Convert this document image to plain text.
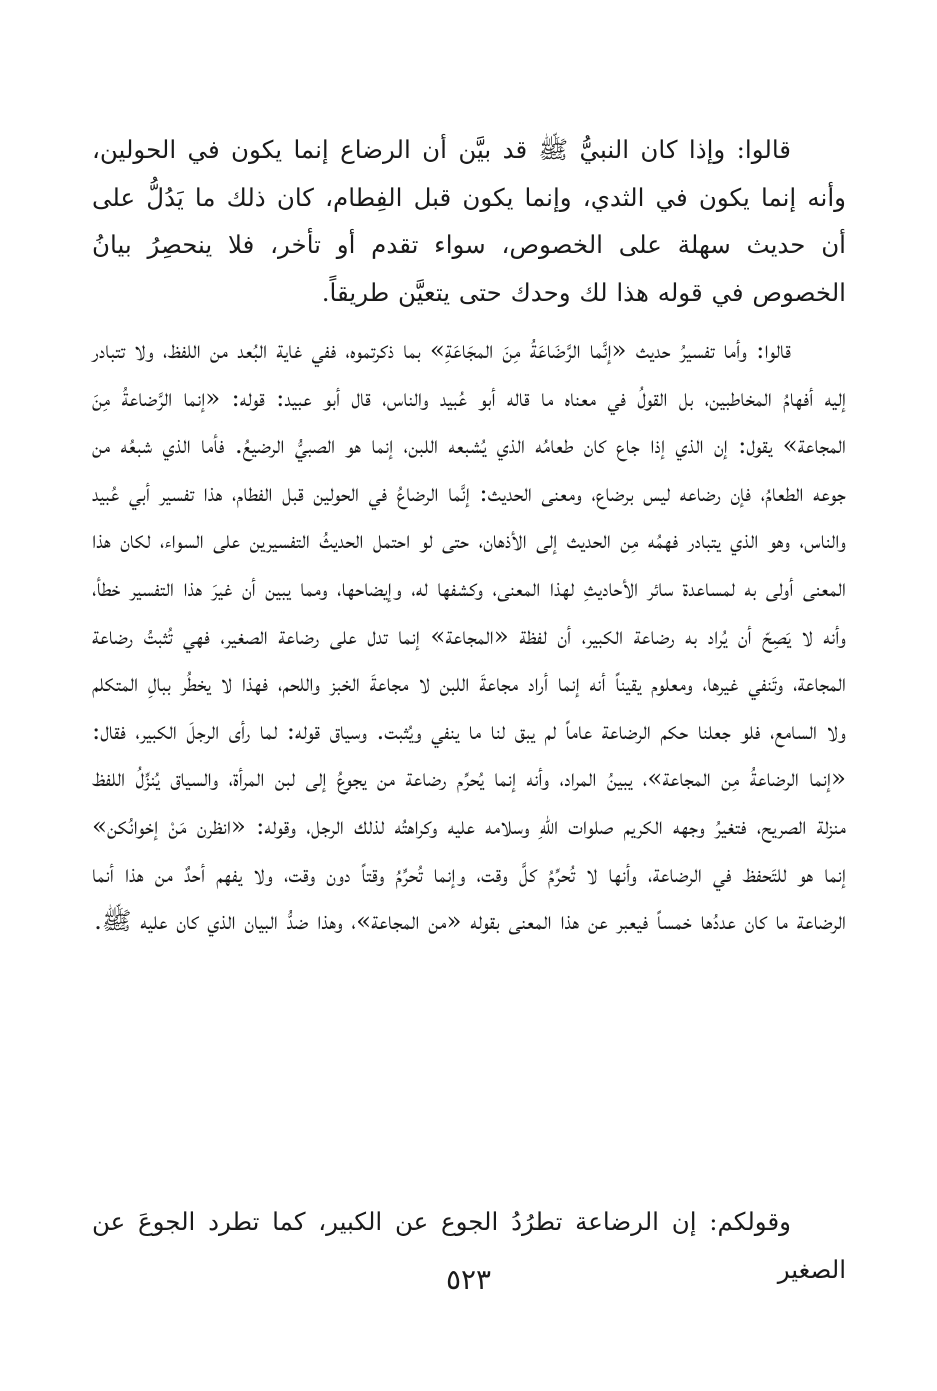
قالوا: وإذا كان النبيُّ ﷺ قد بيَّن أن الرضاع إنما يكون في الحولين، وأنه إنما يكون في الثدي، وإنما يكون قبل الفِطام، كان ذلك ما يَدُلُّ على أن حديث سهلة على الخصوص، سواء تقدم أو تأخر، فلا ينحصِرُ بيانُ الخصوص في قوله هذا لك وحدك حتى يتعيَّن طريقاً.

قالوا: وأما تفسيرُ حديث «إنَّما الرَّضَاعَةُ مِنَ المجَاعَةِ» بما ذكرتموه، ففي غاية البُعد من اللفظ، ولا تتبادر إليه أفهامُ المخاطبين، بل القولُ في معناه ما قاله أبو عُبيد والناس، قال أبو عبيد: قوله: «إنما الرَّضاعةُ مِنَ المجاعة» يقول: إن الذي إذا جاع كان طعامُه الذي يُشبعه اللبن، إنما هو الصبيُّ الرضيعُ. فأما الذي شبعُه من جوعه الطعامُ، فإن رضاعه ليس برضاع، ومعنى الحديث: إنَّما الرضاعُ في الحولين قبل الفطام، هذا تفسير أبي عُبيد والناس، وهو الذي يتبادر فهمُه مِن الحديث إلى الأذهان، حتى لو احتمل الحديثُ التفسيرين على السواء، لكان هذا المعنى أولى به لمساعدة سائر الأحاديثِ لهذا المعنى، وكشفها له، وإيضاحها، ومما يبين أن غيرَ هذا التفسير خطأ، وأنه لا يَصِحّ أن يُراد به رضاعة الكبير، أن لفظة «المجاعة» إنما تدل على رضاعة الصغير، فهي تُثبتُ رضاعة المجاعة، وتَنفي غيرها، ومعلوم يقيناً أنه إنما أراد مجاعةَ اللبن لا مجاعةَ الخبز واللحم، فهذا لا يخطُر ببالِ المتكلم ولا السامع، فلو جعلنا حكم الرضاعة عاماً لم يبق لنا ما ينفي ويُثبت. وسياق قوله: لما رأى الرجلَ الكبير، فقال: «إنما الرضاعةُ مِن المجاعة»، يبينُ المراد، وأنه إنما يُحرِّم رضاعة من يجوعُ إلى لبن المرأة، والسياق يُنزِّلُ اللفظ منزلة الصريح، فتغيرُ وجهه الكريم صلوات اللهِ وسلامه عليه وكراهتُه لذلك الرجل، وقوله: «انظرن مَنْ إخوانُكن» إنما هو للتَحفظ في الرضاعة، وأنها لا تُحرِّمُ كلَّ وقت، وإنما تُحرِّمُ وقتاً دون وقت، ولا يفهم أحدٌ من هذا أنما الرضاعة ما كان عددُها خمساً فيعبر عن هذا المعنى بقوله «من المجاعة»، وهذا ضدُّ البيان الذي كان عليه ﷺ.

وقولكم: إن الرضاعة تطرُدُ الجوع عن الكبير، كما تطرد الجوعَ عن الصغير

٥٢٣
